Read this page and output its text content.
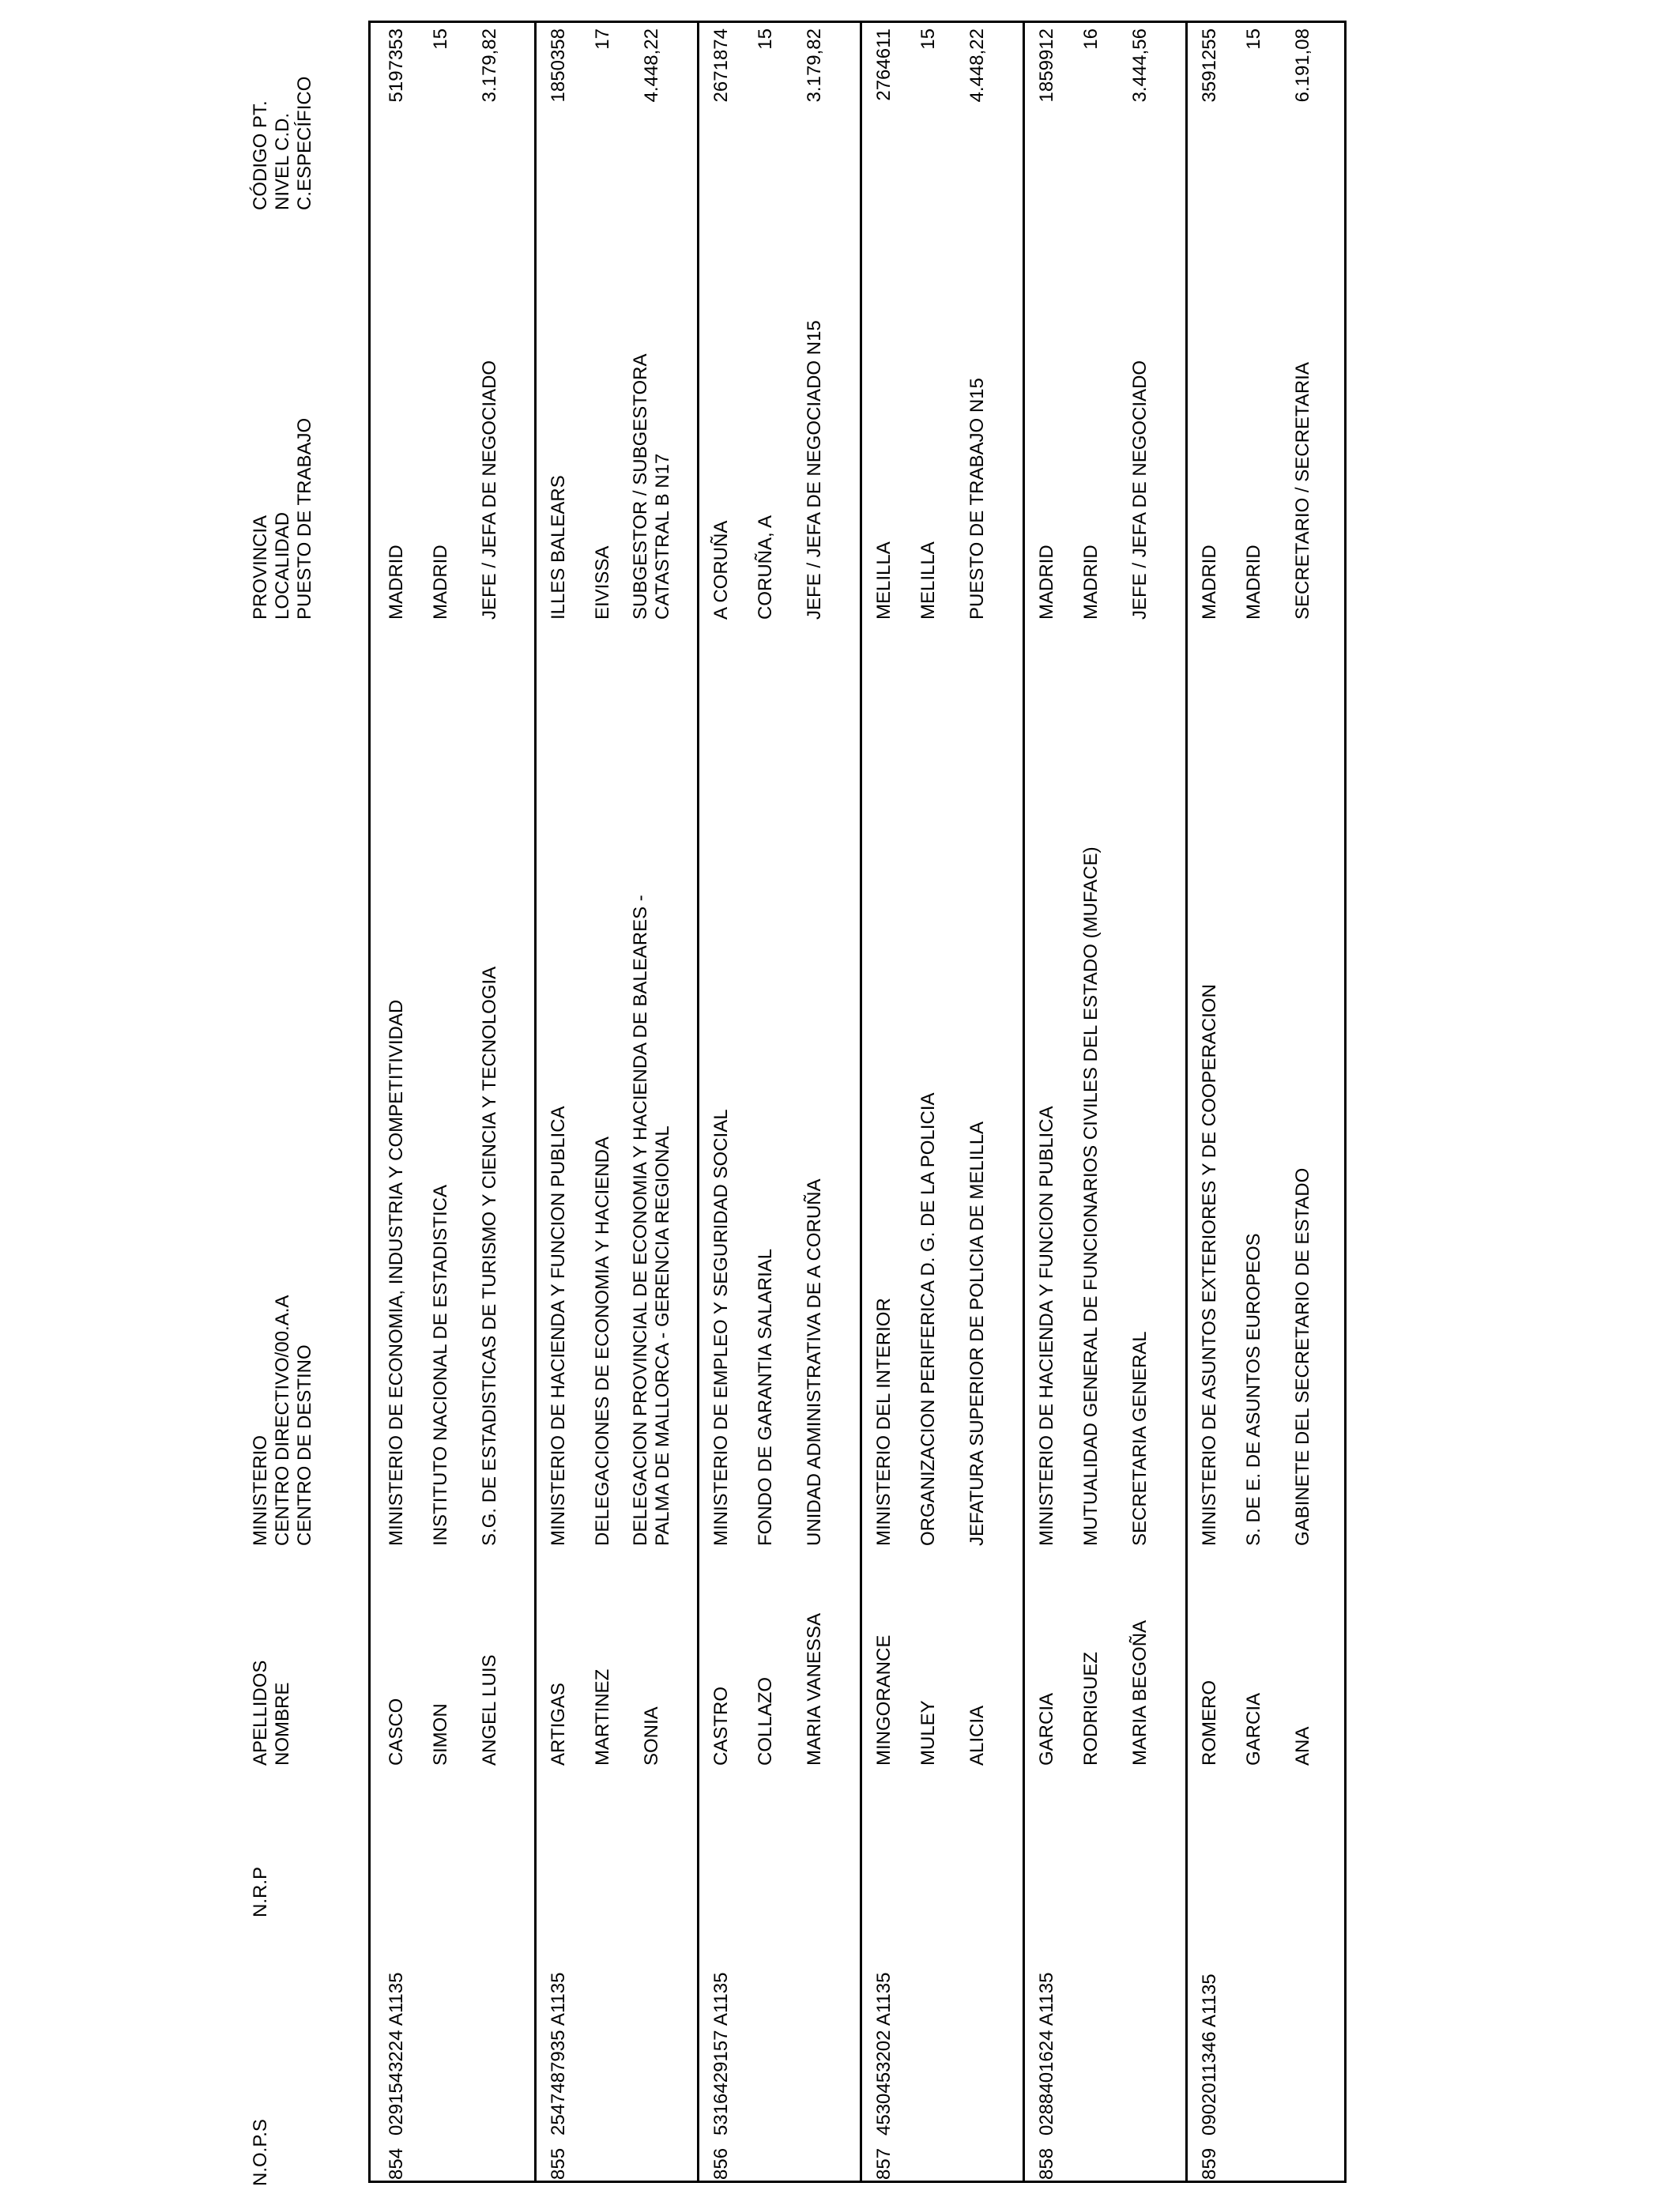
N.O.P.S
N.R.P
APELLIDOS NOMBRE
MINISTERIO CENTRO DIRECTIVO/00.A.A CENTRO DE DESTINO
PROVINCIA LOCALIDAD PUESTO DE TRABAJO
CÓDIGO PT. NIVEL C.D. C.ESPECÍFICO
854
0291543224 A1135
CASCO SIMON ANGEL LUIS
MINISTERIO DE ECONOMIA, INDUSTRIA Y COMPETITIVIDAD INSTITUTO NACIONAL DE ESTADISTICA S.G. DE ESTADISTICAS DE TURISMO Y CIENCIA Y TECNOLOGIA
MADRID MADRID JEFE / JEFA DE NEGOCIADO
5197353 15 3.179,82
855
2547487935 A1135
ARTIGAS MARTINEZ SONIA
MINISTERIO DE HACIENDA Y FUNCION PUBLICA DELEGACIONES DE ECONOMIA Y HACIENDA DELEGACION PROVINCIAL DE ECONOMIA Y HACIENDA DE BALEARES - PALMA DE MALLORCA - GERENCIA REGIONAL
ILLES BALEARS EIVISSA SUBGESTOR / SUBGESTORA CATASTRAL B N17
1850358 17 4.448,22
856
5316429157 A1135
CASTRO COLLAZO MARIA VANESSA
MINISTERIO DE EMPLEO Y SEGURIDAD SOCIAL FONDO DE GARANTIA SALARIAL UNIDAD ADMINISTRATIVA DE A CORUÑA
A CORUÑA CORUÑA, A JEFE / JEFA DE NEGOCIADO N15
2671874 15 3.179,82
857
4530453202 A1135
MINGORANCE MULEY ALICIA
MINISTERIO DEL INTERIOR ORGANIZACION PERIFERICA D. G. DE LA POLICIA JEFATURA SUPERIOR DE POLICIA DE MELILLA
MELILLA MELILLA PUESTO DE TRABAJO N15
2764611 15 4.448,22
858
0288401624 A1135
GARCIA RODRIGUEZ MARIA BEGOÑA
MINISTERIO DE HACIENDA Y FUNCION PUBLICA MUTUALIDAD GENERAL DE FUNCIONARIOS CIVILES DEL ESTADO (MUFACE) SECRETARIA GENERAL
MADRID MADRID JEFE / JEFA DE NEGOCIADO
1859912 16 3.444,56
859
0902011346 A1135
ROMERO GARCIA ANA
MINISTERIO DE ASUNTOS EXTERIORES Y DE COOPERACION S. DE E. DE ASUNTOS EUROPEOS GABINETE DEL SECRETARIO DE ESTADO
MADRID MADRID SECRETARIO / SECRETARIA
3591255 15 6.191,08
